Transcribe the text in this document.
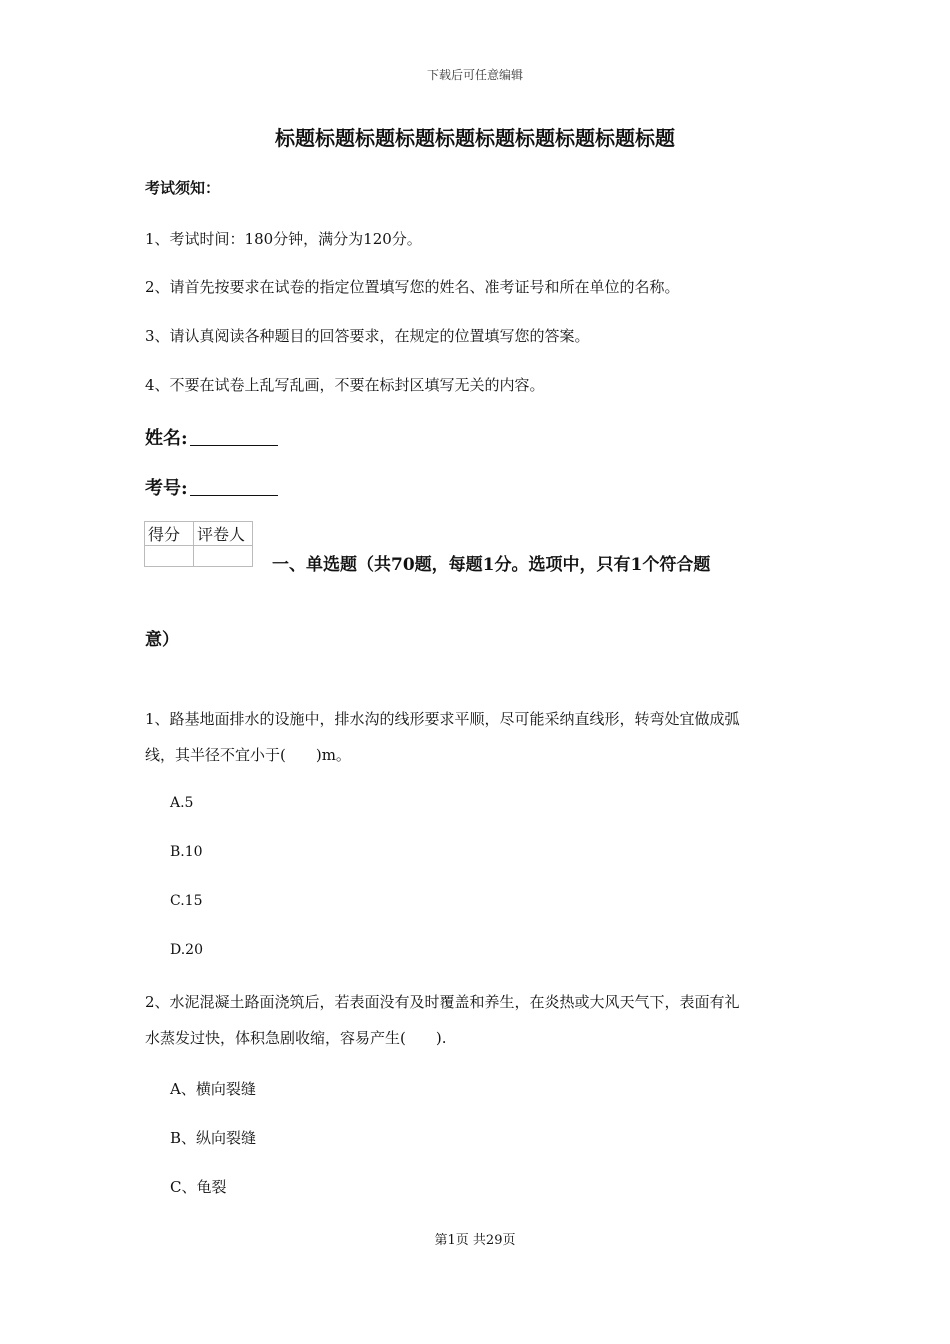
下载后可任意编辑
标题标题标题标题标题标题标题标题标题标题
考试须知：
1、考试时间：180分钟，满分为120分。
2、请首先按要求在试卷的指定位置填写您的姓名、准考证号和所在单位的名称。
3、请认真阅读各种题目的回答要求，在规定的位置填写您的答案。
4、不要在试卷上乱写乱画，不要在标封区填写无关的内容。
姓名:
考号:
得分	评卷人

一、单选题（共70题，每题1分。选项中，只有1个符合题
意）
1、路基地面排水的设施中，排水沟的线形要求平顺，尽可能采纳直线形，转弯处宜做成弧
线，其半径不宜小于(　　)m。
A.5
B.10
C.15
D.20
2、水泥混凝土路面浇筑后，若表面没有及时覆盖和养生，在炎热或大风天气下，表面有礼
水蒸发过快，体积急剧收缩，容易产生(　　).
A、横向裂缝
B、纵向裂缝
C、龟裂
第1页 共29页
